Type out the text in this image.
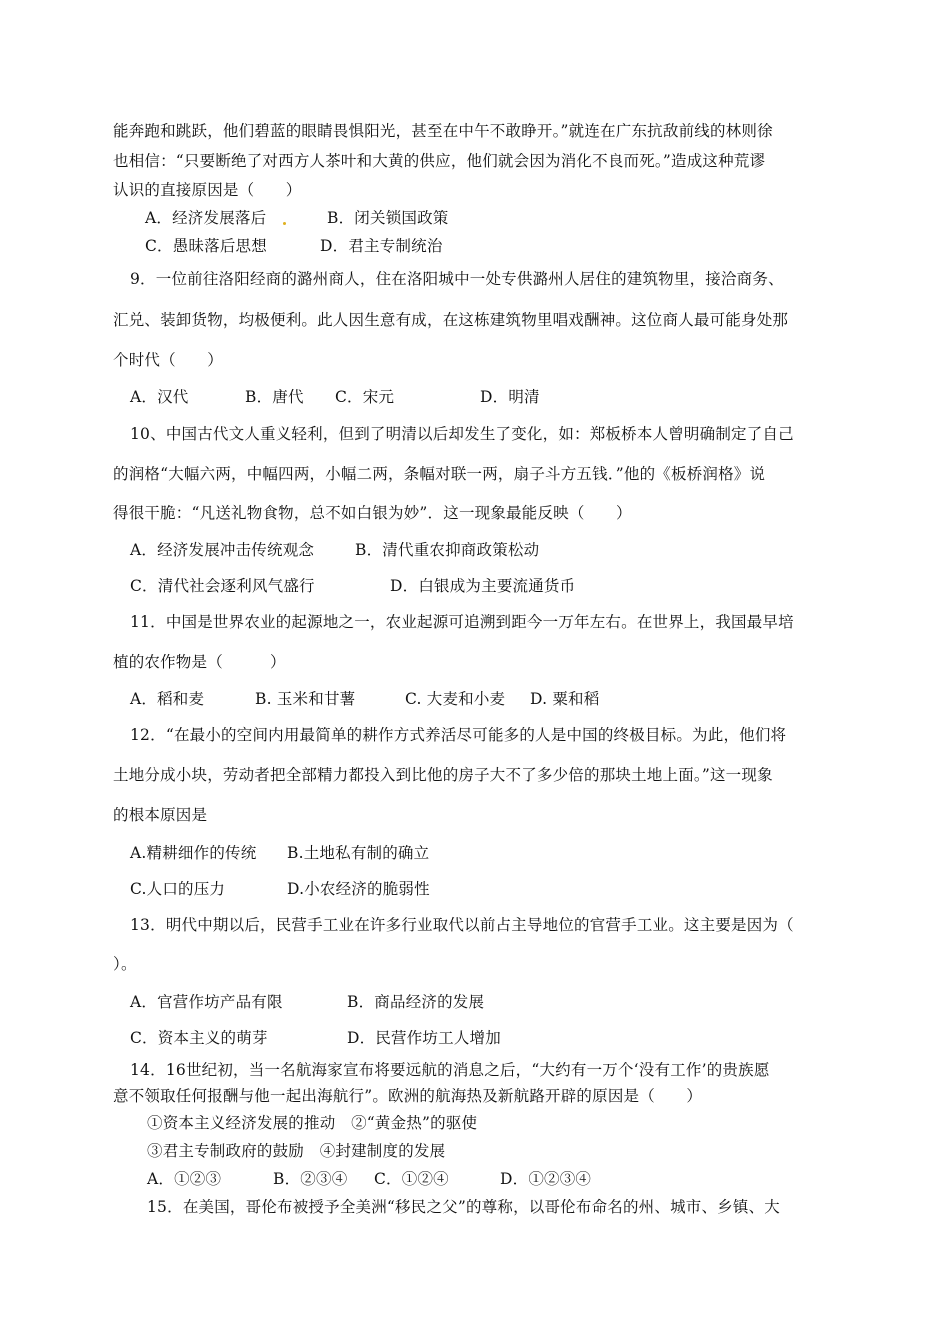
能奔跑和跳跃，他们碧蓝的眼睛畏惧阳光，甚至在中午不敢睁开。”就连在广东抗敌前线的林则徐
也相信：“只要断绝了对西方人茶叶和大黄的供应，他们就会因为消化不良而死。”造成这种荒谬
认识的直接原因是（　　）
A．经济发展落后	B．闭关锁国政策
C．愚昧落后思想	D．君主专制统治
9．一位前往洛阳经商的潞州商人，住在洛阳城中一处专供潞州人居住的建筑物里，接洽商务、
汇兑、装卸货物，均极便利。此人因生意有成，在这栋建筑物里唱戏酬神。这位商人最可能身处那
个时代（　　）
A．汉代	B．唐代 C．宋元	D．明清
10、中国古代文人重义轻利，但到了明清以后却发生了变化，如：郑板桥本人曾明确制定了自己
的润格“大幅六两，中幅四两，小幅二两，条幅对联一两，扇子斗方五钱．”他的《板桥润格》说
得很干脆：“凡送礼物食物，总不如白银为妙”．这一现象最能反映（　　）
A．经济发展冲击传统观念	B．清代重农抑商政策松动
C．清代社会逐利风气盛行	D．白银成为主要流通货币
11．中国是世界农业的起源地之一，农业起源可追溯到距今一万年左右。在世界上，我国最早培
植的农作物是（　　　）
A．稻和麦	B. 玉米和甘薯	C. 大麦和小麦 D. 粟和稻
12．“在最小的空间内用最简单的耕作方式养活尽可能多的人是中国的终极目标。为此，他们将
土地分成小块，劳动者把全部精力都投入到比他的房子大不了多少倍的那块土地上面。”这一现象
的根本原因是
A.精耕细作的传统 B.土地私有制的确立
C.人口的压力	D.小农经济的脆弱性
13．明代中期以后，民营手工业在许多行业取代以前占主导地位的官营手工业。这主要是因为（
）。
A．官营作坊产品有限	B．商品经济的发展
C．资本主义的萌芽	D．民营作坊工人增加
14．16世纪初，当一名航海家宣布将要远航的消息之后，“大约有一万个‘没有工作’的贵族愿
意不领取任何报酬与他一起出海航行”。欧洲的航海热及新航路开辟的原因是（　　）
①资本主义经济发展的推动　②“黄金热”的驱使
③君主专制政府的鼓励　④封建制度的发展
A．①②③	B．②③④ C．①②④	D．①②③④
15．在美国，哥伦布被授予全美洲“移民之父”的尊称，以哥伦布命名的州、城市、乡镇、大
